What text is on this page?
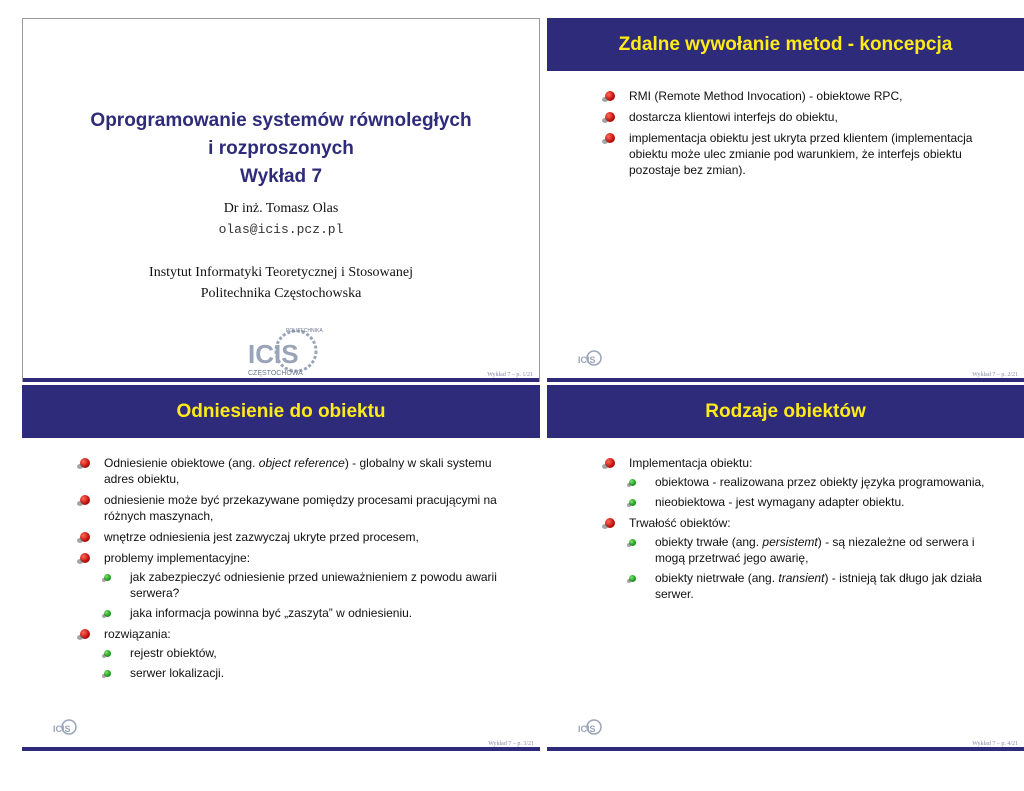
Oprogramowanie systemów równoległych
i rozproszonych
Wykład 7
Dr inż. Tomasz Olas
olas@icis.pcz.pl
Instytut Informatyki Teoretycznej i Stosowanej
Politechnika Częstochowska
ICIS
CZĘSTOCHOWA
POLITECHNIKA
Wykład 7 – p. 1/21
Zdalne wywołanie metod - koncepcja
RMI (Remote Method Invocation) - obiektowe RPC,
dostarcza klientowi interfejs do obiektu,
implementacja obiektu jest ukryta przed klientem (implementacja obiektu może ulec zmianie pod warunkiem, że interfejs obiektu pozostaje bez zmian).
ICIS
Wykład 7 – p. 2/21
Odniesienie do obiektu
Odniesienie obiektowe (ang. object reference) - globalny w skali systemu adres obiektu,
odniesienie może być przekazywane pomiędzy procesami pracującymi na różnych maszynach,
wnętrze odniesienia jest zazwyczaj ukryte przed procesem,
problemy implementacyjne:
jak zabezpieczyć odniesienie przed unieważnieniem z powodu awarii serwera?
jaka informacja powinna być „zaszyta” w odniesieniu.
rozwiązania:
rejestr obiektów,
serwer lokalizacji.
ICIS
Wykład 7 – p. 3/21
Rodzaje obiektów
Implementacja obiektu:
obiektowa - realizowana przez obiekty języka programowania,
nieobiektowa - jest wymagany adapter obiektu.
Trwałość obiektów:
obiekty trwałe (ang. persistemt) - są niezależne od serwera i mogą przetrwać jego awarię,
obiekty nietrwałe (ang. transient) - istnieją tak długo jak działa serwer.
ICIS
Wykład 7 – p. 4/21
